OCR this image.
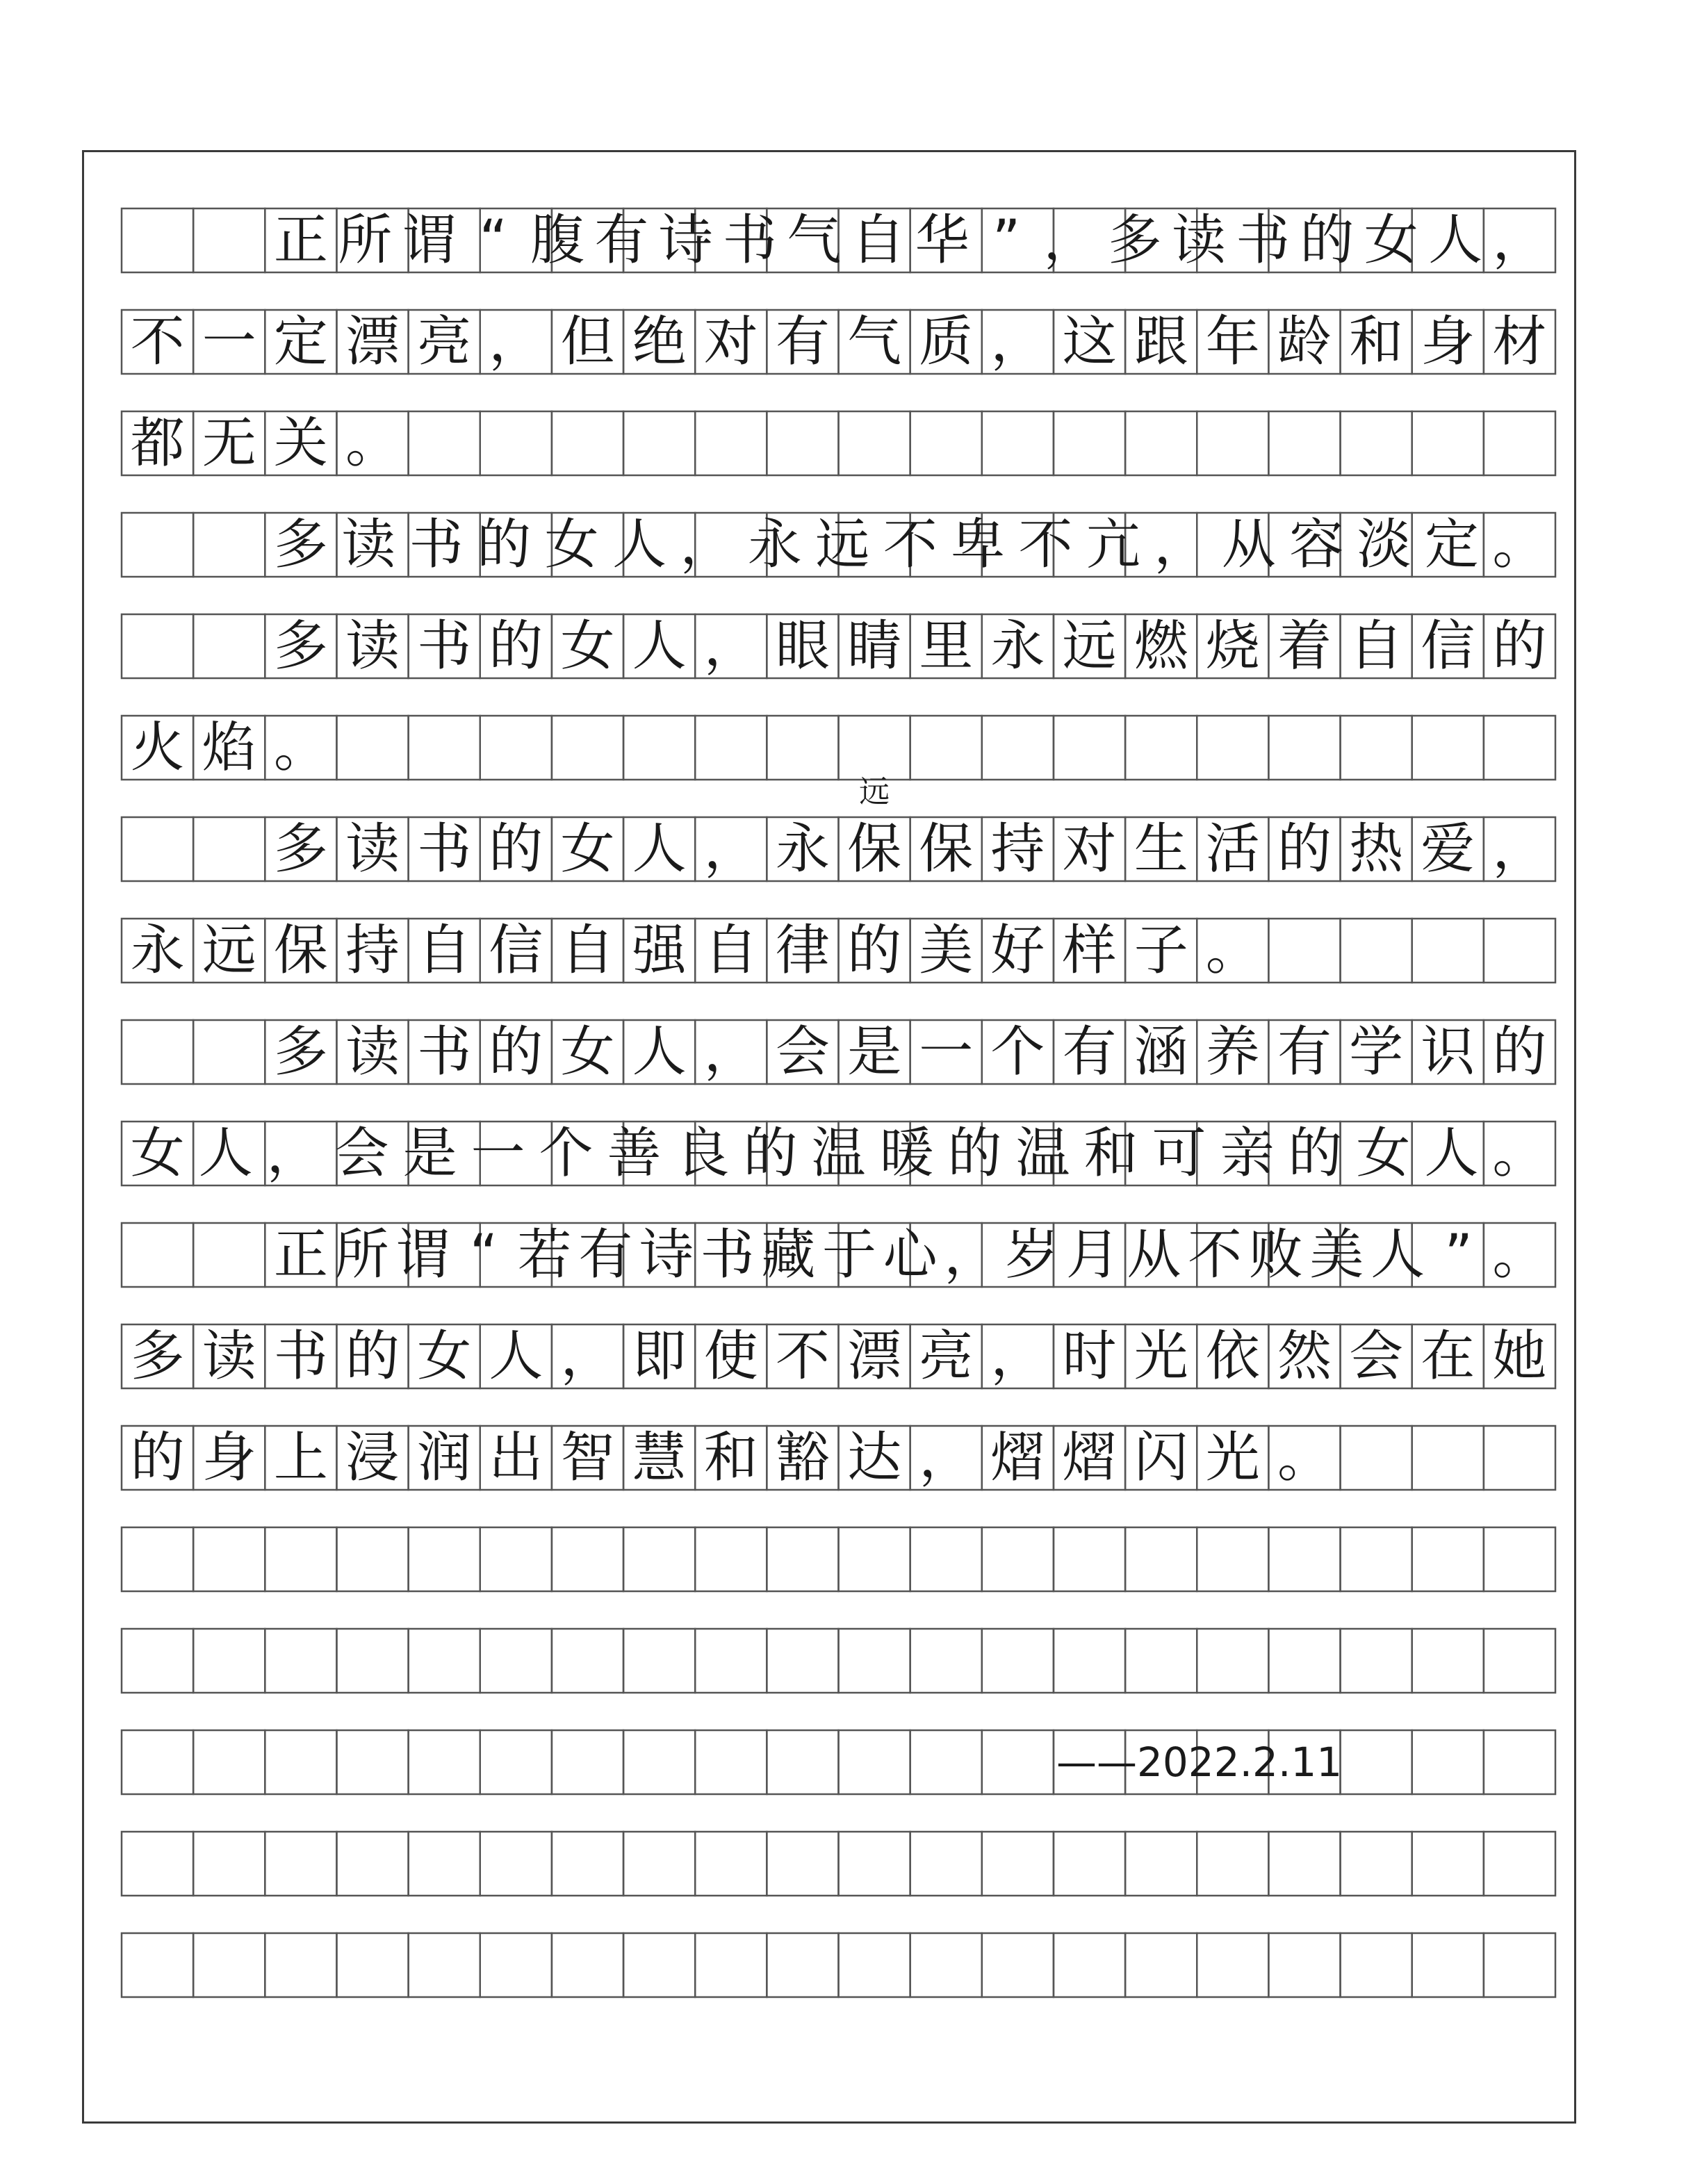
正所谓“腹有诗书气自华”，多读书的女人，
不一定漂亮，但绝对有气质，这跟年龄和身材
都无关。
多读书的女人，永远不卑不亢，从容淡定。
多读书的女人，眼睛里永远燃烧着自信的
火焰。
多读书的女人，永保保持对生活的热爱，
永远保持自信自强自律的美好样子。
多读书的女人，会是一个有涵养有学识的
女人，会是一个善良的温暖的温和可亲的女人。
正所谓“若有诗书藏于心，岁月从不败美人”。
多读书的女人，即使不漂亮，时光依然会在她
的身上浸润出智慧和豁达，熠熠闪光。
远
——2022.2.11
